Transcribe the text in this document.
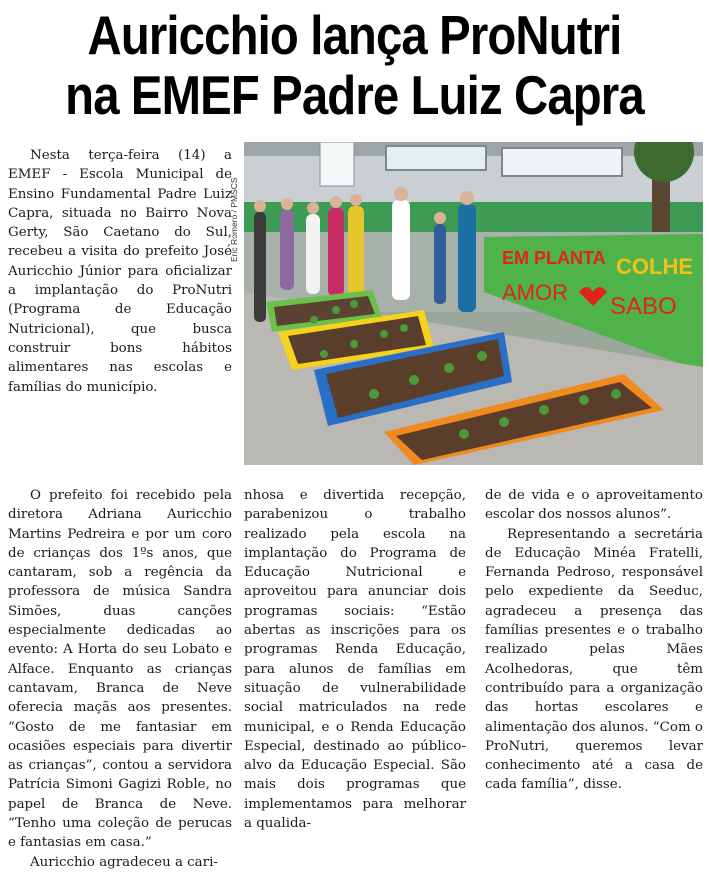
Auricchio lança ProNutri
na EMEF Padre Luiz Capra

Nesta terça-feira (14) a EMEF - Escola Municipal de Ensino Fundamental Padre Luiz Capra, situada no Bairro Nova Gerty, São Caetano do Sul, recebeu a visita do prefeito José Auricchio Júnior para oficializar a implantação do ProNutri (Programa de Educação Nutricional), que busca construir bons hábitos alimentares nas escolas e famílias do município.

Eric Romero / PMSCS	EM PLANTA COLHE
AMOR
SABO

O prefeito foi recebido pela diretora Adriana Auricchio Martins Pedreira e por um coro de crianças dos 1ºs anos, que cantaram, sob a regência da professora de música Sandra Simões, duas canções especialmente dedicadas ao evento: A Horta do seu Lobato e Alface. Enquanto as crianças cantavam, Branca de Neve oferecia maçãs aos presentes. “Gosto de me fantasiar em ocasiões especiais para divertir as crianças”, contou a servidora Patrícia Simoni Gagizi Roble, no papel de Branca de Neve. “Tenho uma coleção de perucas e fantasias em casa.”

Auricchio agradeceu a cari-

nhosa e divertida recepção, parabenizou o trabalho realizado pela escola na implantação do Programa de Educação Nutricional e aproveitou para anunciar dois programas sociais: “Estão abertas as inscrições para os programas Renda Educação, para alunos de famílias em situação de vulnerabilidade social matriculados na rede municipal, e o Renda Educação Especial, destinado ao público-alvo da Educação Especial. São mais dois programas que implementamos para melhorar a qualida-

de de vida e o aproveitamento escolar dos nossos alunos”.

Representando a secretária de Educação Minéa Fratelli, Fernanda Pedroso, responsável pelo expediente da Seeduc, agradeceu a presença das famílias presentes e o trabalho realizado pelas Mães Acolhedoras, que têm contribuído para a organização das hortas escolares e alimentação dos alunos. “Com o ProNutri, queremos levar conhecimento até a casa de cada família”, disse.
